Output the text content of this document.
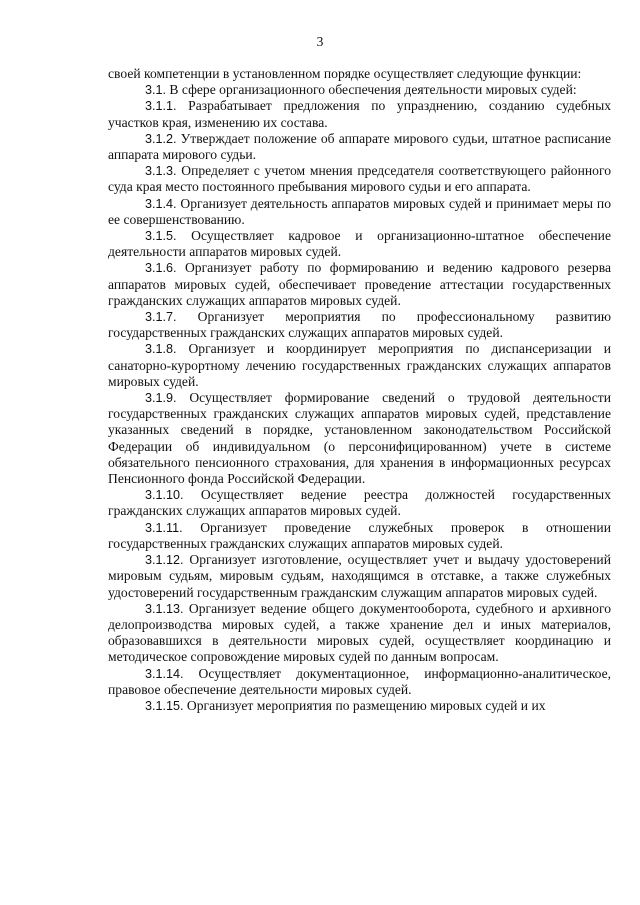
3

своей компетенции в установленном порядке осуществляет следующие функции:

3.1. В сфере организационного обеспечения деятельности мировых судей:

3.1.1. Разрабатывает предложения по упразднению, созданию судебных участков края, изменению их состава.

3.1.2. Утверждает положение об аппарате мирового судьи, штатное расписание аппарата мирового судьи.

3.1.3. Определяет с учетом мнения председателя соответствующего районного суда края место постоянного пребывания мирового судьи и его аппарата.

3.1.4. Организует деятельность аппаратов мировых судей и принимает меры по ее совершенствованию.

3.1.5. Осуществляет кадровое и организационно-штатное обеспечение деятельности аппаратов мировых судей.

3.1.6. Организует работу по формированию и ведению кадрового резерва аппаратов мировых судей, обеспечивает проведение аттестации государственных гражданских служащих аппаратов мировых судей.

3.1.7. Организует мероприятия по профессиональному развитию государственных гражданских служащих аппаратов мировых судей.

3.1.8. Организует и координирует мероприятия по диспансеризации и санаторно-курортному лечению государственных гражданских служащих аппаратов мировых судей.

3.1.9. Осуществляет формирование сведений о трудовой деятельности государственных гражданских служащих аппаратов мировых судей, представление указанных сведений в порядке, установленном законодательством Российской Федерации об индивидуальном (о персонифицированном) учете в системе обязательного пенсионного страхования, для хранения в информационных ресурсах Пенсионного фонда Российской Федерации.

3.1.10. Осуществляет ведение реестра должностей государственных гражданских служащих аппаратов мировых судей.

3.1.11. Организует проведение служебных проверок в отношении государственных гражданских служащих аппаратов мировых судей.

3.1.12. Организует изготовление, осуществляет учет и выдачу удостоверений мировым судьям, мировым судьям, находящимся в отставке, а также служебных удостоверений государственным гражданским служащим аппаратов мировых судей.

3.1.13. Организует ведение общего документооборота, судебного и архивного делопроизводства мировых судей, а также хранение дел и иных материалов, образовавшихся в деятельности мировых судей, осуществляет координацию и методическое сопровождение мировых судей по данным вопросам.

3.1.14. Осуществляет документационное, информационно-аналитическое, правовое обеспечение деятельности мировых судей.

3.1.15. Организует мероприятия по размещению мировых судей и их
